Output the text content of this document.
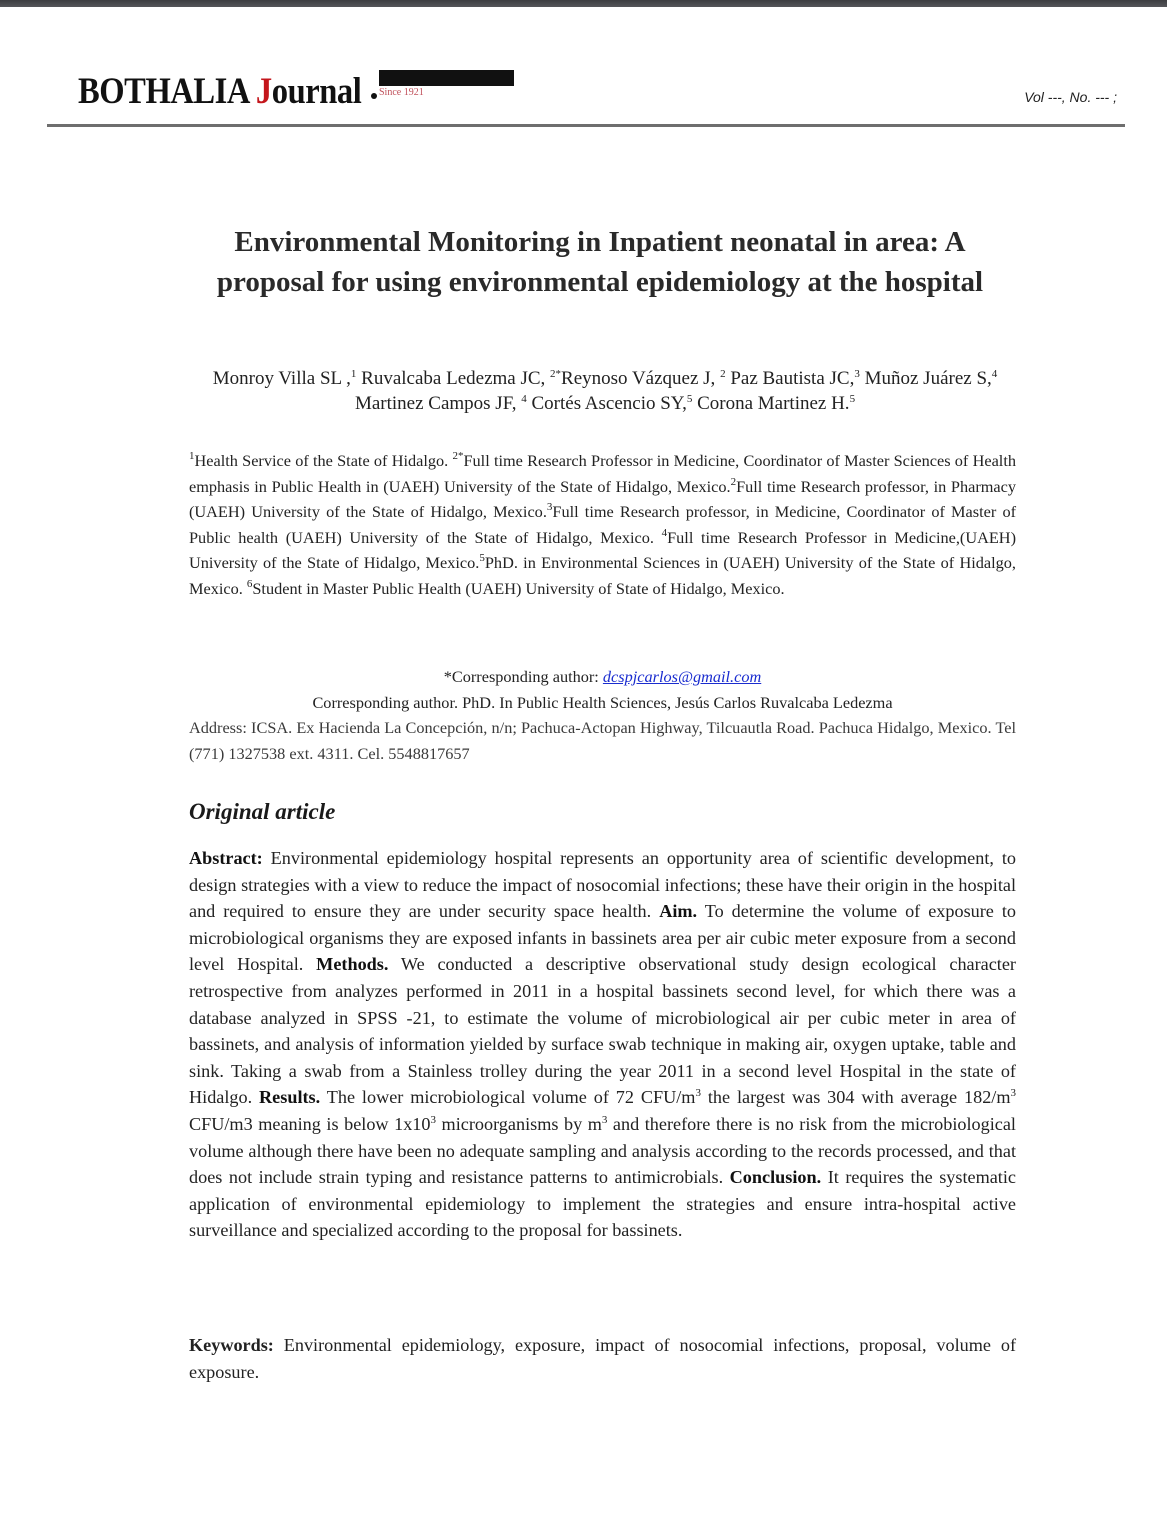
BOTHALIA Journal Since 1921	Vol ---, No. --- ;
Environmental Monitoring in Inpatient neonatal in area: A proposal for using environmental epidemiology at the hospital
Monroy Villa SL ,$^1$ Ruvalcaba Ledezma JC, $^{2*}$Reynoso Vázquez J, $^2$ Paz Bautista JC,$^3$ Muñoz Juárez S,$^4$ Martinez Campos JF, $^4$ Cortés Ascencio SY,$^5$ Corona Martinez H.$^5$
$^1$Health Service of the State of Hidalgo. $^{2*}$Full time Research Professor in Medicine, Coordinator of Master Sciences of Health emphasis in Public Health in (UAEH) University of the State of Hidalgo, Mexico.$^2$Full time Research professor, in Pharmacy (UAEH) University of the State of Hidalgo, Mexico.$^3$Full time Research professor, in Medicine, Coordinator of Master of Public health (UAEH) University of the State of Hidalgo, Mexico. $^4$Full time Research Professor in Medicine,(UAEH) University of the State of Hidalgo, Mexico.$^5$PhD. in Environmental Sciences in (UAEH) University of the State of Hidalgo, Mexico. $^6$Student in Master Public Health (UAEH) University of State of Hidalgo, Mexico.
*Corresponding author: dcspjcarlos@gmail.com
Corresponding author. PhD. In Public Health Sciences, Jesús Carlos Ruvalcaba Ledezma
Address: ICSA. Ex Hacienda La Concepción, n/n; Pachuca-Actopan Highway, Tilcuautla Road. Pachuca Hidalgo, Mexico. Tel (771) 1327538 ext. 4311. Cel. 5548817657
Original article
Abstract: Environmental epidemiology hospital represents an opportunity area of scientific development, to design strategies with a view to reduce the impact of nosocomial infections; these have their origin in the hospital and required to ensure they are under security space health. Aim. To determine the volume of exposure to microbiological organisms they are exposed infants in bassinets area per air cubic meter exposure from a second level Hospital. Methods. We conducted a descriptive observational study design ecological character retrospective from analyzes performed in 2011 in a hospital bassinets second level, for which there was a database analyzed in SPSS -21, to estimate the volume of microbiological air per cubic meter in area of bassinets, and analysis of information yielded by surface swab technique in making air, oxygen uptake, table and sink. Taking a swab from a Stainless trolley during the year 2011 in a second level Hospital in the state of Hidalgo. Results. The lower microbiological volume of 72 CFU/$m^3$ the largest was 304 with average $182/m^3$ CFU/m3 meaning is below $1x10^3$ microorganisms by $m^3$ and therefore there is no risk from the microbiological volume although there have been no adequate sampling and analysis according to the records processed, and that does not include strain typing and resistance patterns to antimicrobials. Conclusion. It requires the systematic application of environmental epidemiology to implement the strategies and ensure intra-hospital active surveillance and specialized according to the proposal for bassinets.
Keywords: Environmental epidemiology, exposure, impact of nosocomial infections, proposal, volume of exposure.
